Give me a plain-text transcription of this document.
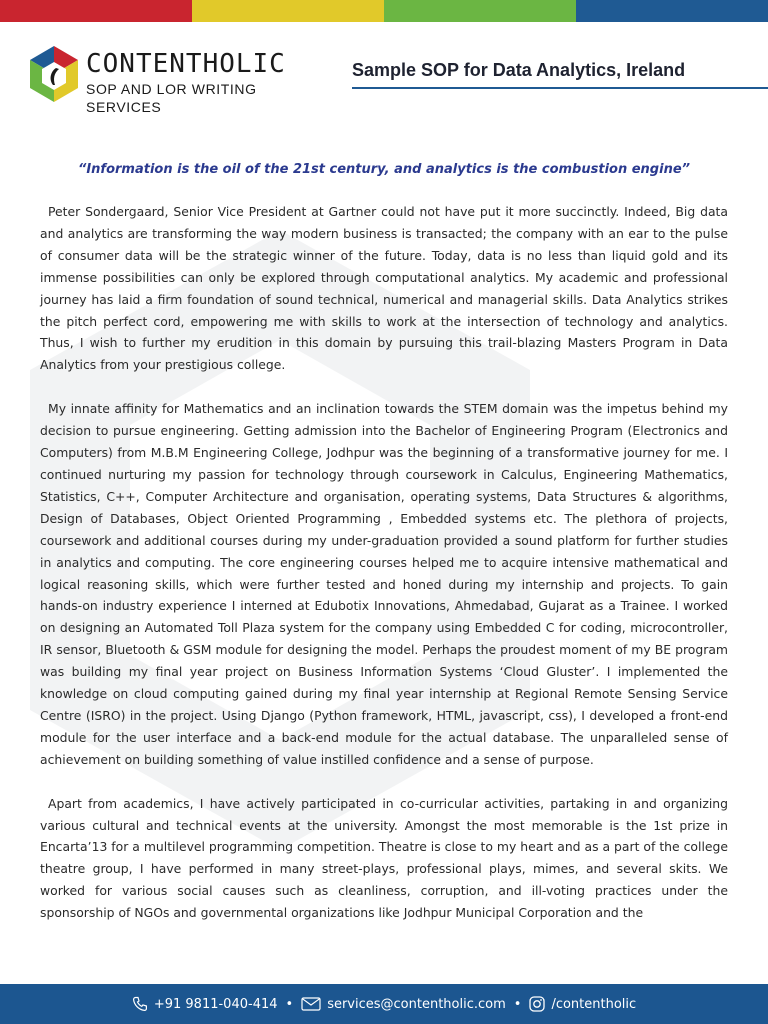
CONTENTHOLIC
SOP AND LOR WRITING SERVICES
Sample SOP for Data Analytics, Ireland

“Information is the oil of the 21st century, and analytics is the combustion engine”

Peter Sondergaard, Senior Vice President at Gartner could not have put it more succinctly. Indeed, Big data and analytics are transforming the way modern business is transacted; the company with an ear to the pulse of consumer data will be the strategic winner of the future. Today, data is no less than liquid gold and its immense possibilities can only be explored through computational analytics. My academic and professional journey has laid a firm foundation of sound technical, numerical and managerial skills. Data Analytics strikes the pitch perfect cord, empowering me with skills to work at the intersection of technology and analytics. Thus, I wish to further my erudition in this domain by pursuing this trail-blazing Masters Program in Data Analytics from your prestigious college.

My innate affinity for Mathematics and an inclination towards the STEM domain was the impetus behind my decision to pursue engineering. Getting admission into the Bachelor of Engineering Program (Electronics and Computers) from M.B.M Engineering College, Jodhpur was the beginning of a transformative journey for me. I continued nurturing my passion for technology through coursework in Calculus, Engineering Mathematics, Statistics, C++, Computer Architecture and organisation, operating systems, Data Structures & algorithms, Design of Databases, Object Oriented Programming , Embedded systems etc. The plethora of projects, coursework and additional courses during my under-graduation provided a sound platform for further studies in analytics and computing. The core engineering courses helped me to acquire intensive mathematical and logical reasoning skills, which were further tested and honed during my internship and projects. To gain hands-on industry experience I interned at Edubotix Innovations, Ahmedabad, Gujarat as a Trainee. I worked on designing an Automated Toll Plaza system for the company using Embedded C for coding, microcontroller, IR sensor, Bluetooth & GSM module for designing the model. Perhaps the proudest moment of my BE program was building my final year project on Business Information Systems ‘Cloud Gluster’. I implemented the knowledge on cloud computing gained during my final year internship at Regional Remote Sensing Service Centre (ISRO) in the project. Using Django (Python framework, HTML, javascript, css), I developed a front-end module for the user interface and a back-end module for the actual database. The unparalleled sense of achievement on building something of value instilled confidence and a sense of purpose.

Apart from academics, I have actively participated in co-curricular activities, partaking in and organizing various cultural and technical events at the university. Amongst the most memorable is the 1st prize in Encarta’13 for a multilevel programming competition. Theatre is close to my heart and as a part of the college theatre group, I have performed in many street-plays, professional plays, mimes, and several skits. We worked for various social causes such as cleanliness, corruption, and ill-voting practices under the sponsorship of NGOs and governmental organizations like Jodhpur Municipal Corporation and the

+91 9811-040-414 •	services@contentholic.com • /contentholic
